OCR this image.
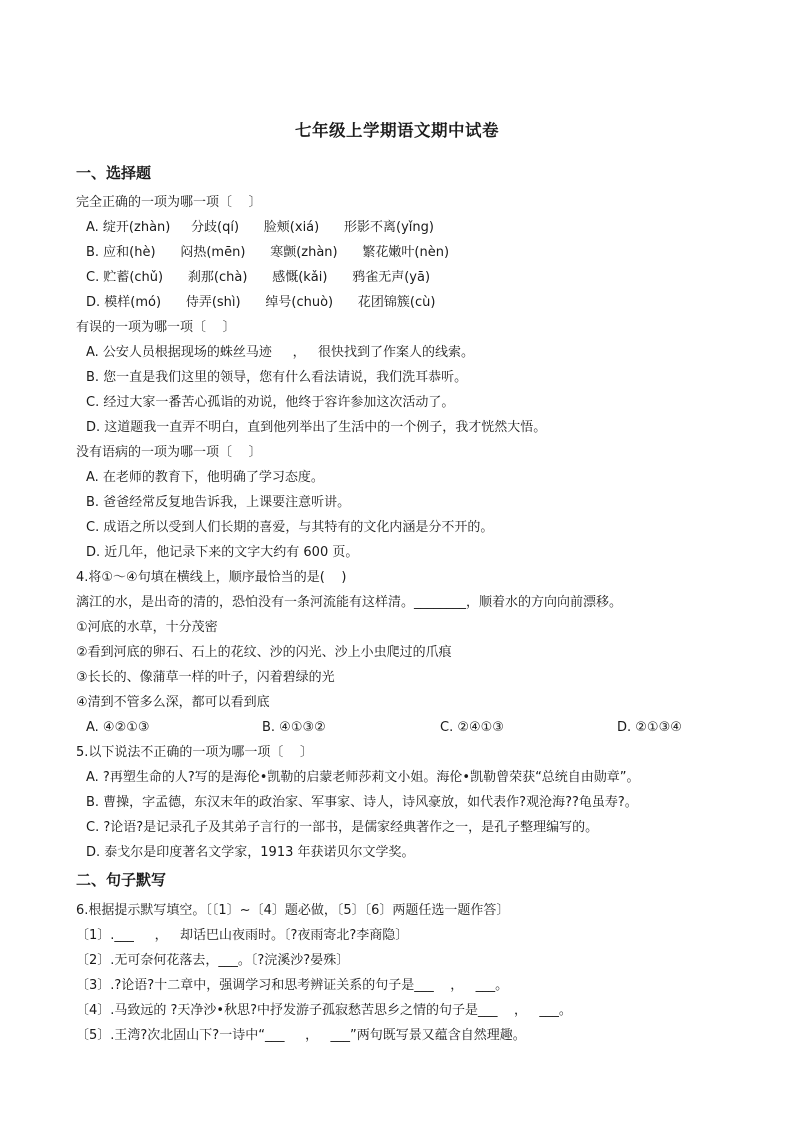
七年级上学期语文期中试卷
一、选择题
完全正确的一项为哪一项〔    〕
A. 绽开(zhàn)     分歧(qí)      脸颊(xiá)      形影不离(yǐng)
B. 应和(hè)      闷热(mēn)      寒颤(zhàn)      繁花嫩叶(nèn)
C. 贮蓄(chǔ)      刹那(chà)      感慨(kǎi)      鸦雀无声(yā)
D. 模样(mó)      侍弄(shì)      绰号(chuò)      花团锦簇(cù)
有误的一项为哪一项〔    〕
A. 公安人员根据现场的蛛丝马迹     ，   很快找到了作案人的线索。
B. 您一直是我们这里的领导，您有什么看法请说，我们洗耳恭听。
C. 经过大家一番苦心孤诣的劝说，他终于容许参加这次活动了。
D. 这道题我一直弄不明白，直到他列举出了生活中的一个例子，我才恍然大悟。
没有语病的一项为哪一项〔    〕
A. 在老师的教育下，他明确了学习态度。
B. 爸爸经常反复地告诉我，上课要注意听讲。
C. 成语之所以受到人们长期的喜爱，与其特有的文化内涵是分不开的。
D. 近几年，他记录下来的文字大约有 600 页。
4.将①～④句填在横线上，顺序最恰当的是(    )
漓江的水，是出奇的清的，恐怕没有一条河流能有这样清。________，顺着水的方向向前漂移。
①河底的水草，十分茂密
②看到河底的卵石、石上的花纹、沙的闪光、沙上小虫爬过的爪痕
③长长的、像蒲草一样的叶子，闪着碧绿的光
④清到不管多么深，都可以看到底
A. ④②①③	B. ④①③②	C. ②④①③	D. ②①③④
5.以下说法不正确的一项为哪一项〔    〕
A. ?再塑生命的人?写的是海伦•凯勒的启蒙老师莎莉文小姐。海伦•凯勒曾荣获“总统自由勋章”。
B. 曹操，字孟德，东汉末年的政治家、军事家、诗人，诗风豪放，如代表作?观沧海??龟虽寿?。
C. ?论语?是记录孔子及其弟子言行的一部书，是儒家经典著作之一，是孔子整理编写的。
D. 泰戈尔是印度著名文学家，1913 年获诺贝尔文学奖。
二、句子默写
6.根据提示默写填空。〔〔1〕~〔4〕题必做，〔5〕〔6〕两题任选一题作答〕
〔1〕.___     ，   却话巴山夜雨时。〔?夜雨寄北?李商隐〕
〔2〕.无可奈何花落去，___。〔?浣溪沙?晏殊〕
〔3〕.?论语?十二章中，强调学习和思考辨证关系的句子是___    ，   ___。
〔4〕.马致远的 ?天净沙•秋思?中抒发游子孤寂愁苦思乡之情的句子是___    ，   ___。
〔5〕.王湾?次北固山下?一诗中“___     ，   ___”两句既写景又蕴含自然理趣。
